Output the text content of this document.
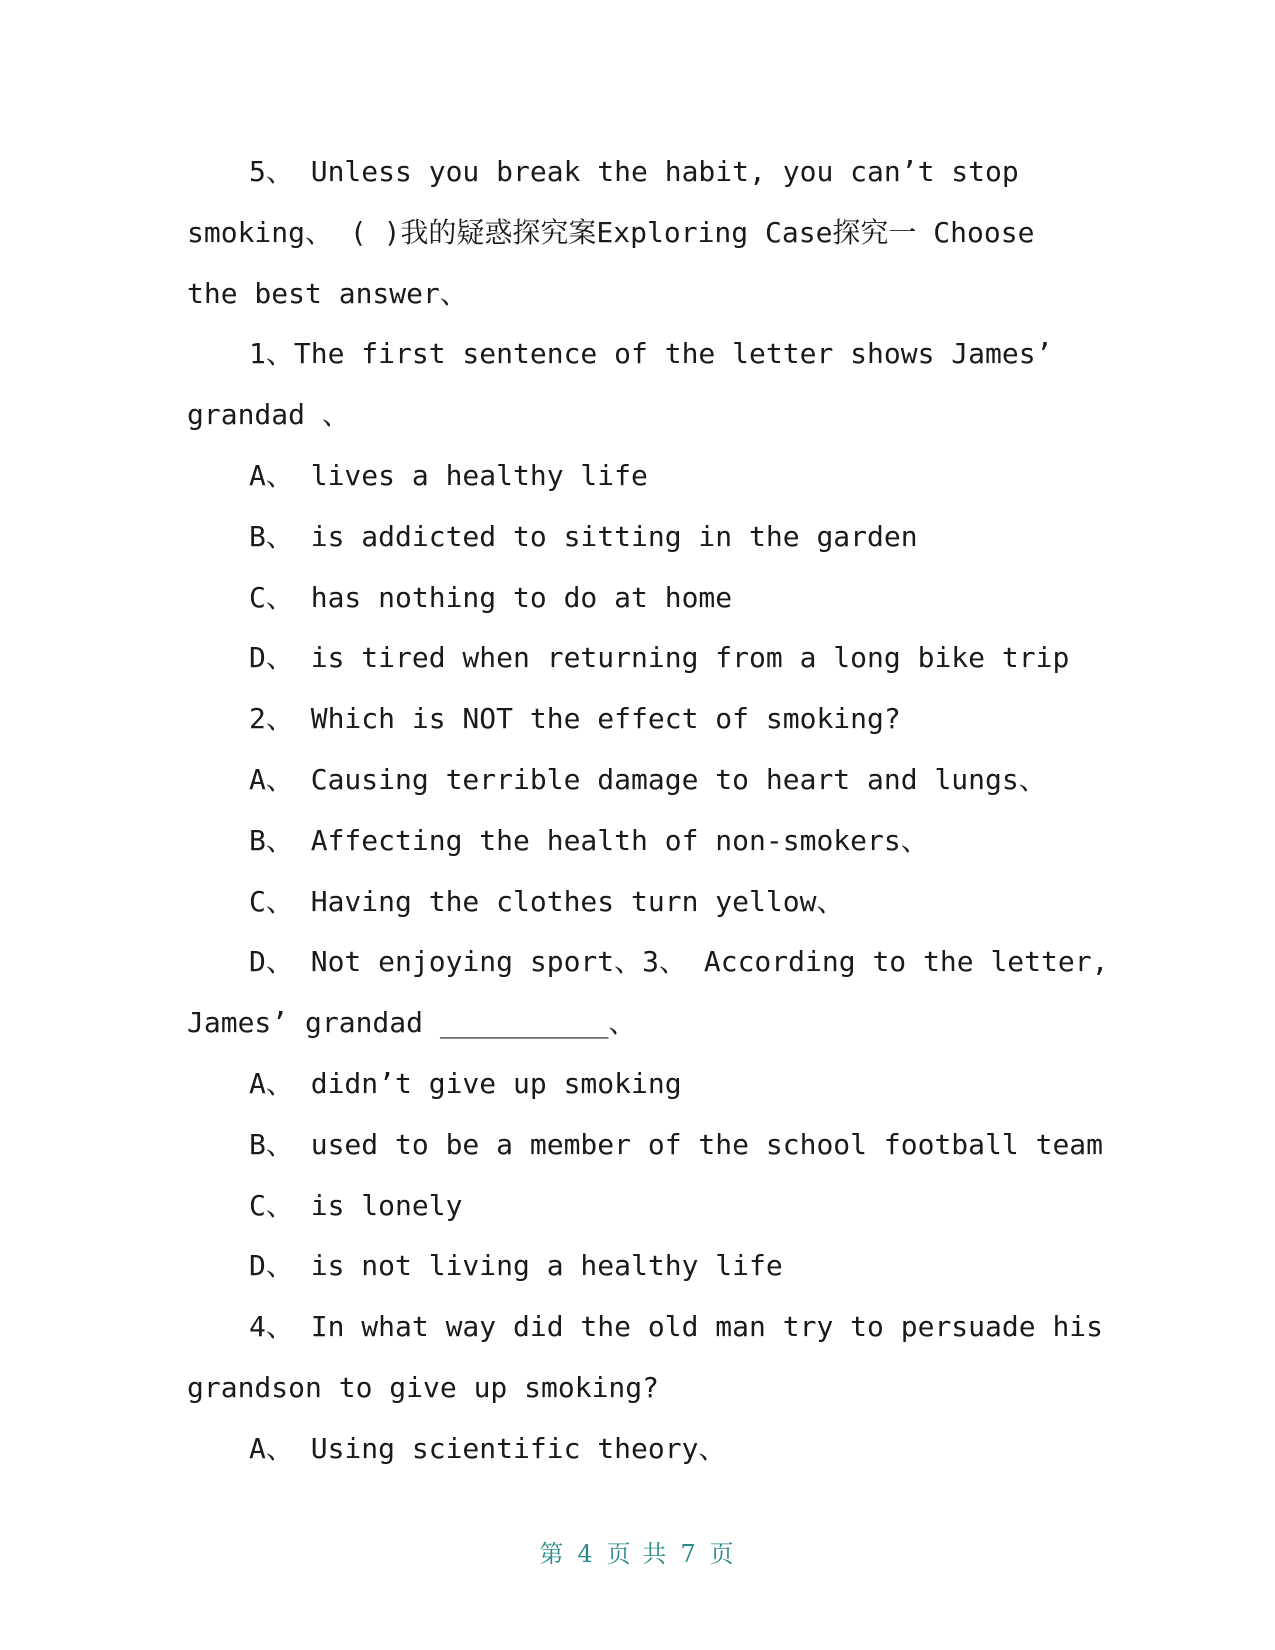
5、 Unless you break the habit, you can’t stop
smoking、 ( )我的疑惑探究案Exploring Case探究一 Choose
the best answer、
1、The first sentence of the letter shows James’
grandad 、
A、 lives a healthy life
B、 is addicted to sitting in the garden
C、 has nothing to do at home
D、 is tired when returning from a long bike trip
2、 Which is NOT the effect of smoking?
A、 Causing terrible damage to heart and lungs、
B、 Affecting the health of non-smokers、
C、 Having the clothes turn yellow、
D、 Not enjoying sport、3、 According to the letter,
James’ grandad __________、
A、 didn’t give up smoking
B、 used to be a member of the school football team
C、 is lonely
D、 is not living a healthy life
4、 In what way did the old man try to persuade his
grandson to give up smoking?
A、 Using scientific theory、
第 4 页 共 7 页
